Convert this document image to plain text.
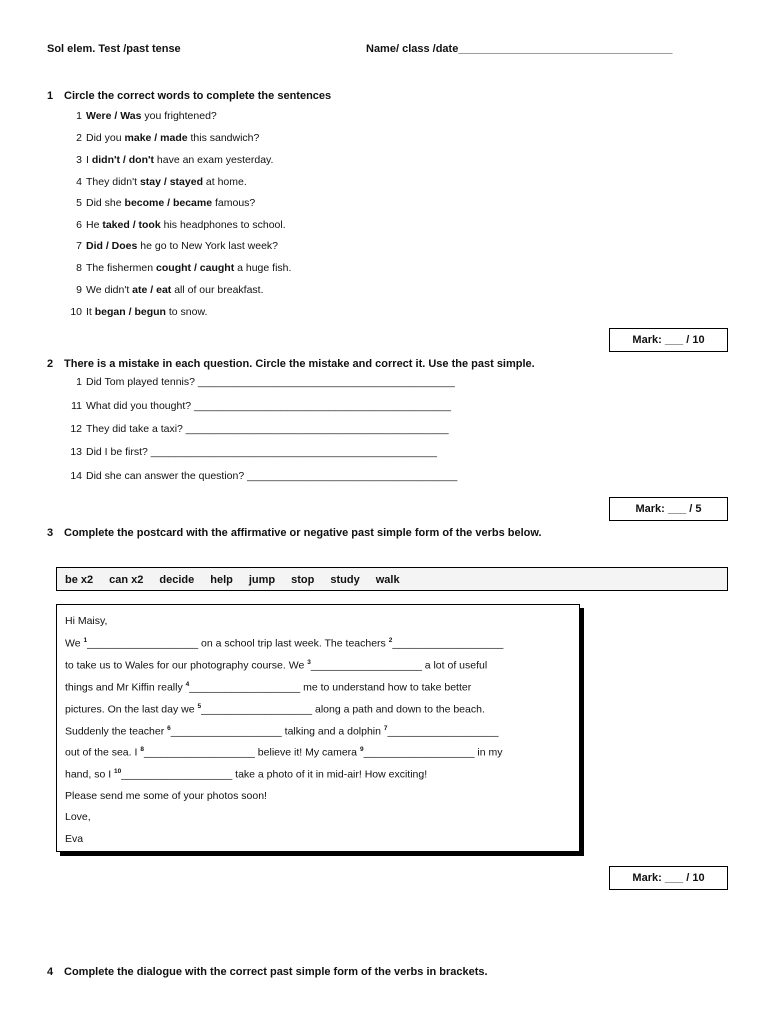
Sol elem. Test /past tense	Name/ class /date___________________________________
1 Circle the correct words to complete the sentences
1 Were / Was you frightened?
2 Did you make / made this sandwich?
3 I didn't / don't have an exam yesterday.
4 They didn't stay / stayed at home.
5 Did she become / became famous?
6 He taked / took his headphones to school.
7 Did / Does he go to New York last week?
8 The fishermen cought / caught a huge fish.
9 We didn't ate / eat all of our breakfast.
10 It began / begun to snow.
Mark: ___ / 10
2 There is a mistake in each question. Circle the mistake and correct it. Use the past simple.
1 Did Tom played tennis? ____________________________________________
11 What did you thought? ____________________________________________
12 They did take a taxi? _____________________________________________
13 Did I be first? _________________________________________________
14 Did she can answer the question? ____________________________________
Mark: ___ / 5
3 Complete the postcard with the affirmative or negative past simple form of the verbs below.
be x2 can x2 decide help jump stop study walk
Hi Maisy,
We $^1$___________________ on a school trip last week. The teachers $^2$___________________
to take us to Wales for our photography course. We $^3$___________________ a lot of useful
things and Mr Kiffin really $^4$___________________ me to understand how to take better
pictures. On the last day we $^5$___________________ along a path and down to the beach.
Suddenly the teacher $^6$___________________ talking and a dolphin $^7$___________________
out of the sea. I $^8$___________________ believe it! My camera $^9$___________________ in my
hand, so I $^{10}$___________________ take a photo of it in mid-air! How exciting!
Please send me some of your photos soon!
Love,
Eva
Mark: ___ / 10
4 Complete the dialogue with the correct past simple form of the verbs in brackets.
